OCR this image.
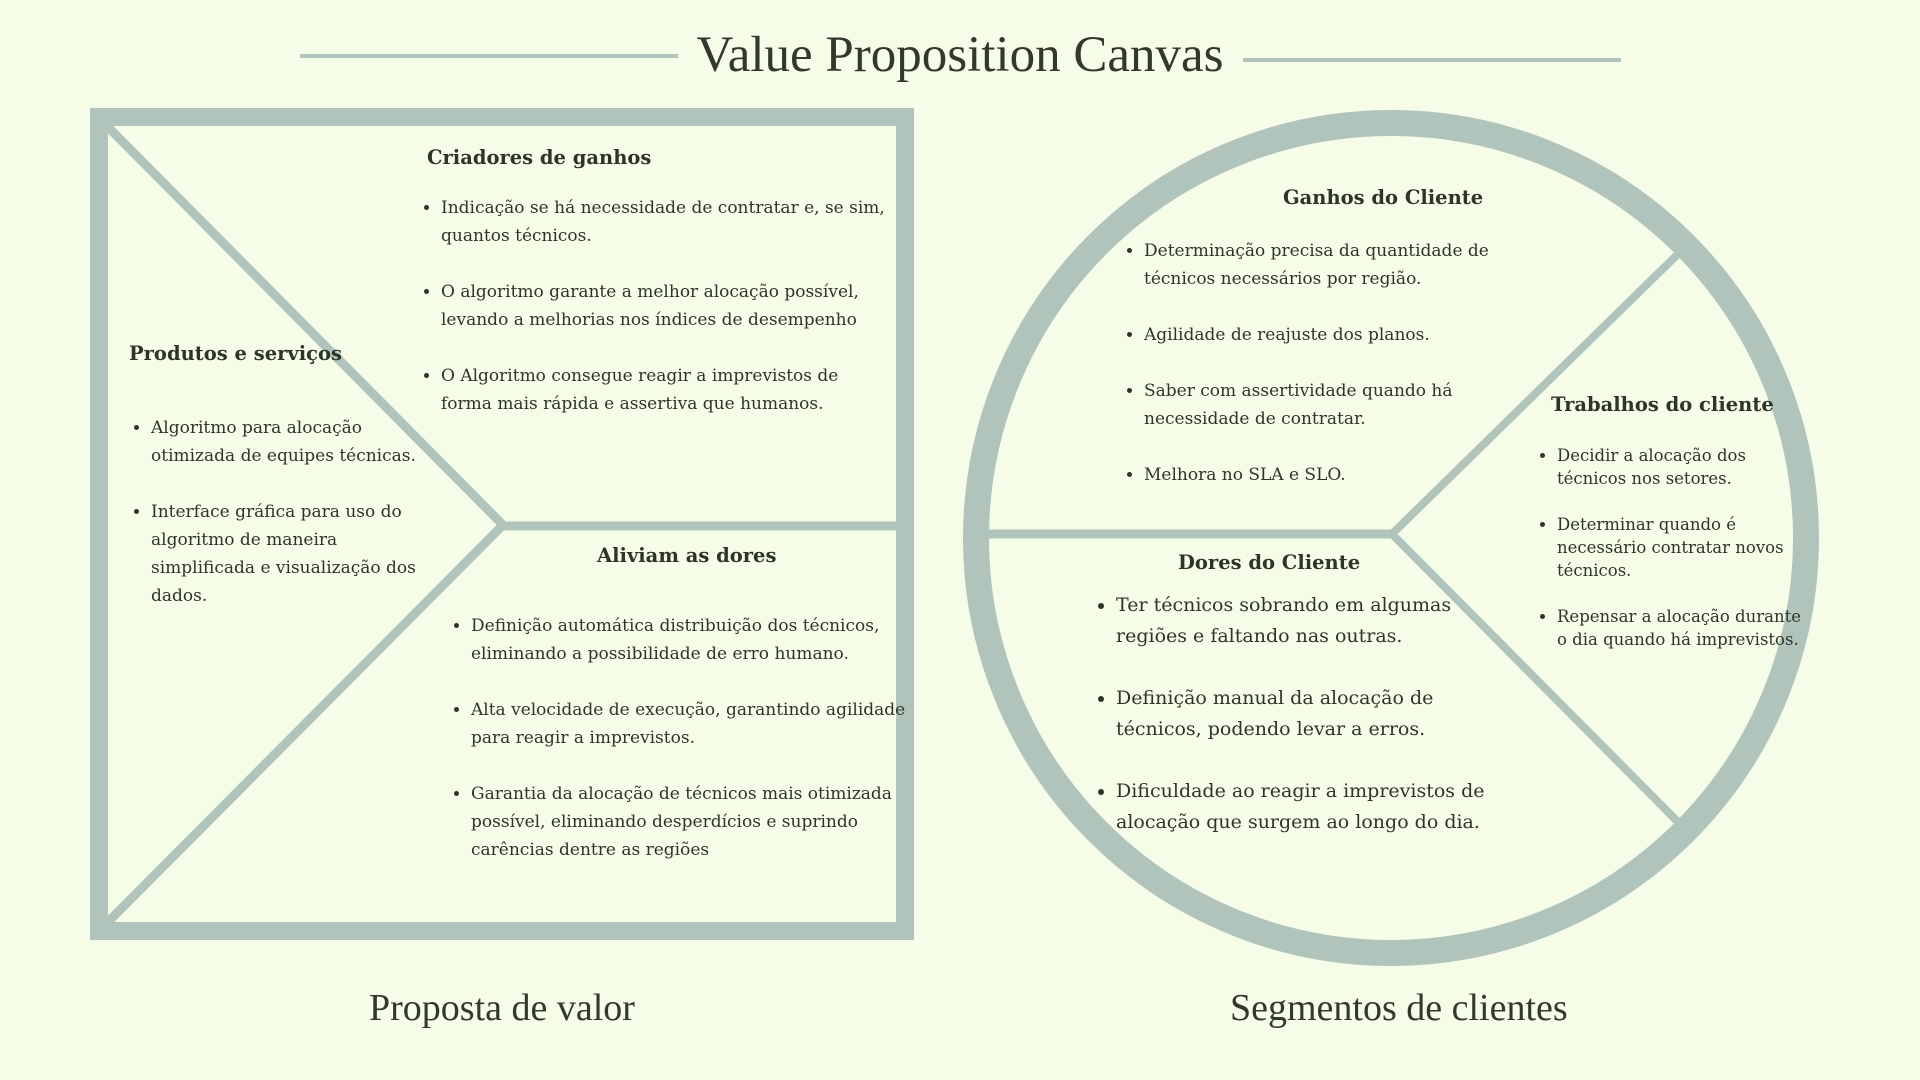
Value Proposition Canvas
Criadores de ganhos
• Indicação se há necessidade de contratar e, se sim, quantos técnicos.
• O algoritmo garante a melhor alocação possível, levando a melhorias nos índices de desempenho
• O Algoritmo consegue reagir a imprevistos de forma mais rápida e assertiva que humanos.
Produtos e serviços
• Algoritmo para alocação otimizada de equipes técnicas.
• Interface gráfica para uso do algoritmo de maneira simplificada e visualização dos dados.
Aliviam as dores
• Definição automática distribuição dos técnicos, eliminando a possibilidade de erro humano.
• Alta velocidade de execução, garantindo agilidade para reagir a imprevistos.
• Garantia da alocação de técnicos mais otimizada possível, eliminando desperdícios e suprindo carências dentre as regiões
Ganhos do Cliente
• Determinação precisa da quantidade de técnicos necessários por região.
• Agilidade de reajuste dos planos.
• Saber com assertividade quando há necessidade de contratar.
• Melhora no SLA e SLO.
Trabalhos do cliente
• Decidir a alocação dos técnicos nos setores.
• Determinar quando é necessário contratar novos técnicos.
• Repensar a alocação durante o dia quando há imprevistos.
Dores do Cliente
• Ter técnicos sobrando em algumas regiões e faltando nas outras.
• Definição manual da alocação de técnicos, podendo levar a erros.
• Dificuldade ao reagir a imprevistos de alocação que surgem ao longo do dia.
Proposta de valor	Segmentos de clientes
